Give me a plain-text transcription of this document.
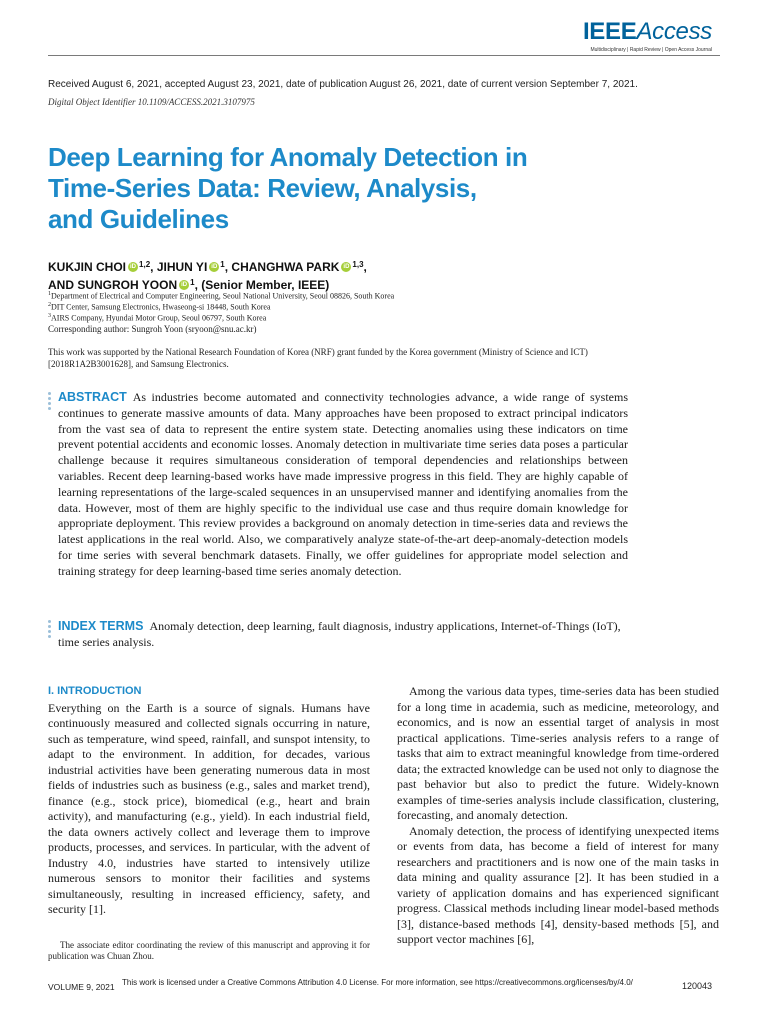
IEEEAccess
Multidisciplinary | Rapid Review | Open Access Journal
Received August 6, 2021, accepted August 23, 2021, date of publication August 26, 2021, date of current version September 7, 2021.
Digital Object Identifier 10.1109/ACCESS.2021.3107975
Deep Learning for Anomaly Detection in
Time-Series Data: Review, Analysis,
and Guidelines
KUKJIN CHOI iD $^{1,2}$, JIHUN YI iD $^1$, CHANGHWA PARK iD $^{1,3}$,
AND SUNGROH YOON iD $^1$, (Senior Member, IEEE)
$^1$Department of Electrical and Computer Engineering, Seoul National University, Seoul 08826, South Korea
$^2$DIT Center, Samsung Electronics, Hwaseong-si 18448, South Korea
$^3$AIRS Company, Hyundai Motor Group, Seoul 06797, South Korea
Corresponding author: Sungroh Yoon (sryoon@snu.ac.kr)
This work was supported by the National Research Foundation of Korea (NRF) grant funded by the Korea government (Ministry of Science and ICT) [2018R1A2B3001628], and Samsung Electronics.
ABSTRACT As industries become automated and connectivity technologies advance, a wide range of systems continues to generate massive amounts of data. Many approaches have been proposed to extract principal indicators from the vast sea of data to represent the entire system state. Detecting anomalies using these indicators on time prevent potential accidents and economic losses. Anomaly detection in multivariate time series data poses a particular challenge because it requires simultaneous consideration of temporal dependencies and relationships between variables. Recent deep learning-based works have made impressive progress in this field. They are highly capable of learning representations of the large-scaled sequences in an unsupervised manner and identifying anomalies from the data. However, most of them are highly specific to the individual use case and thus require domain knowledge for appropriate deployment. This review provides a background on anomaly detection in time-series data and reviews the latest applications in the real world. Also, we comparatively analyze state-of-the-art deep-anomaly-detection models for time series with several benchmark datasets. Finally, we offer guidelines for appropriate model selection and training strategy for deep learning-based time series anomaly detection.
INDEX TERMS Anomaly detection, deep learning, fault diagnosis, industry applications, Internet-of-Things (IoT), time series analysis.
I. INTRODUCTION

Everything on the Earth is a source of signals. Humans have continuously measured and collected signals occurring in nature, such as temperature, wind speed, rainfall, and sunspot intensity, to adapt to the environment. In addition, for decades, various industrial activities have been generating numerous data in most fields of industries such as business (e.g., sales and market trend), finance (e.g., stock price), biomedical (e.g., heart and brain activity), and manufacturing (e.g., yield). In each industrial field, the data owners actively collect and leverage them to improve products, processes, and services. In particular, with the advent of Industry 4.0, industries have started to intensively utilize numerous sensors to monitor their facilities and systems simultaneously, resulting in increased efficiency, safety, and security [1].

Among the various data types, time-series data has been studied for a long time in academia, such as medicine, meteorology, and economics, and is now an essential target of analysis in most practical applications. Time-series analysis refers to a range of tasks that aim to extract meaningful knowledge from time-ordered data; the extracted knowledge can be used not only to diagnose the past behavior but also to predict the future. Widely-known examples of time-series analysis include classification, clustering, forecasting, and anomaly detection.

Anomaly detection, the process of identifying unexpected items or events from data, has become a field of interest for many researchers and practitioners and is now one of the main tasks in data mining and quality assurance [2]. It has been studied in a variety of application domains and has experienced significant progress. Classical methods including linear model-based methods [3], distance-based methods [4], density-based methods [5], and support vector machines [6],

The associate editor coordinating the review of this manuscript and approving it for publication was Chuan Zhou.
VOLUME 9, 2021 This work is licensed under a Creative Commons Attribution 4.0 License. For more information, see https://creativecommons.org/licenses/by/4.0/	120043
